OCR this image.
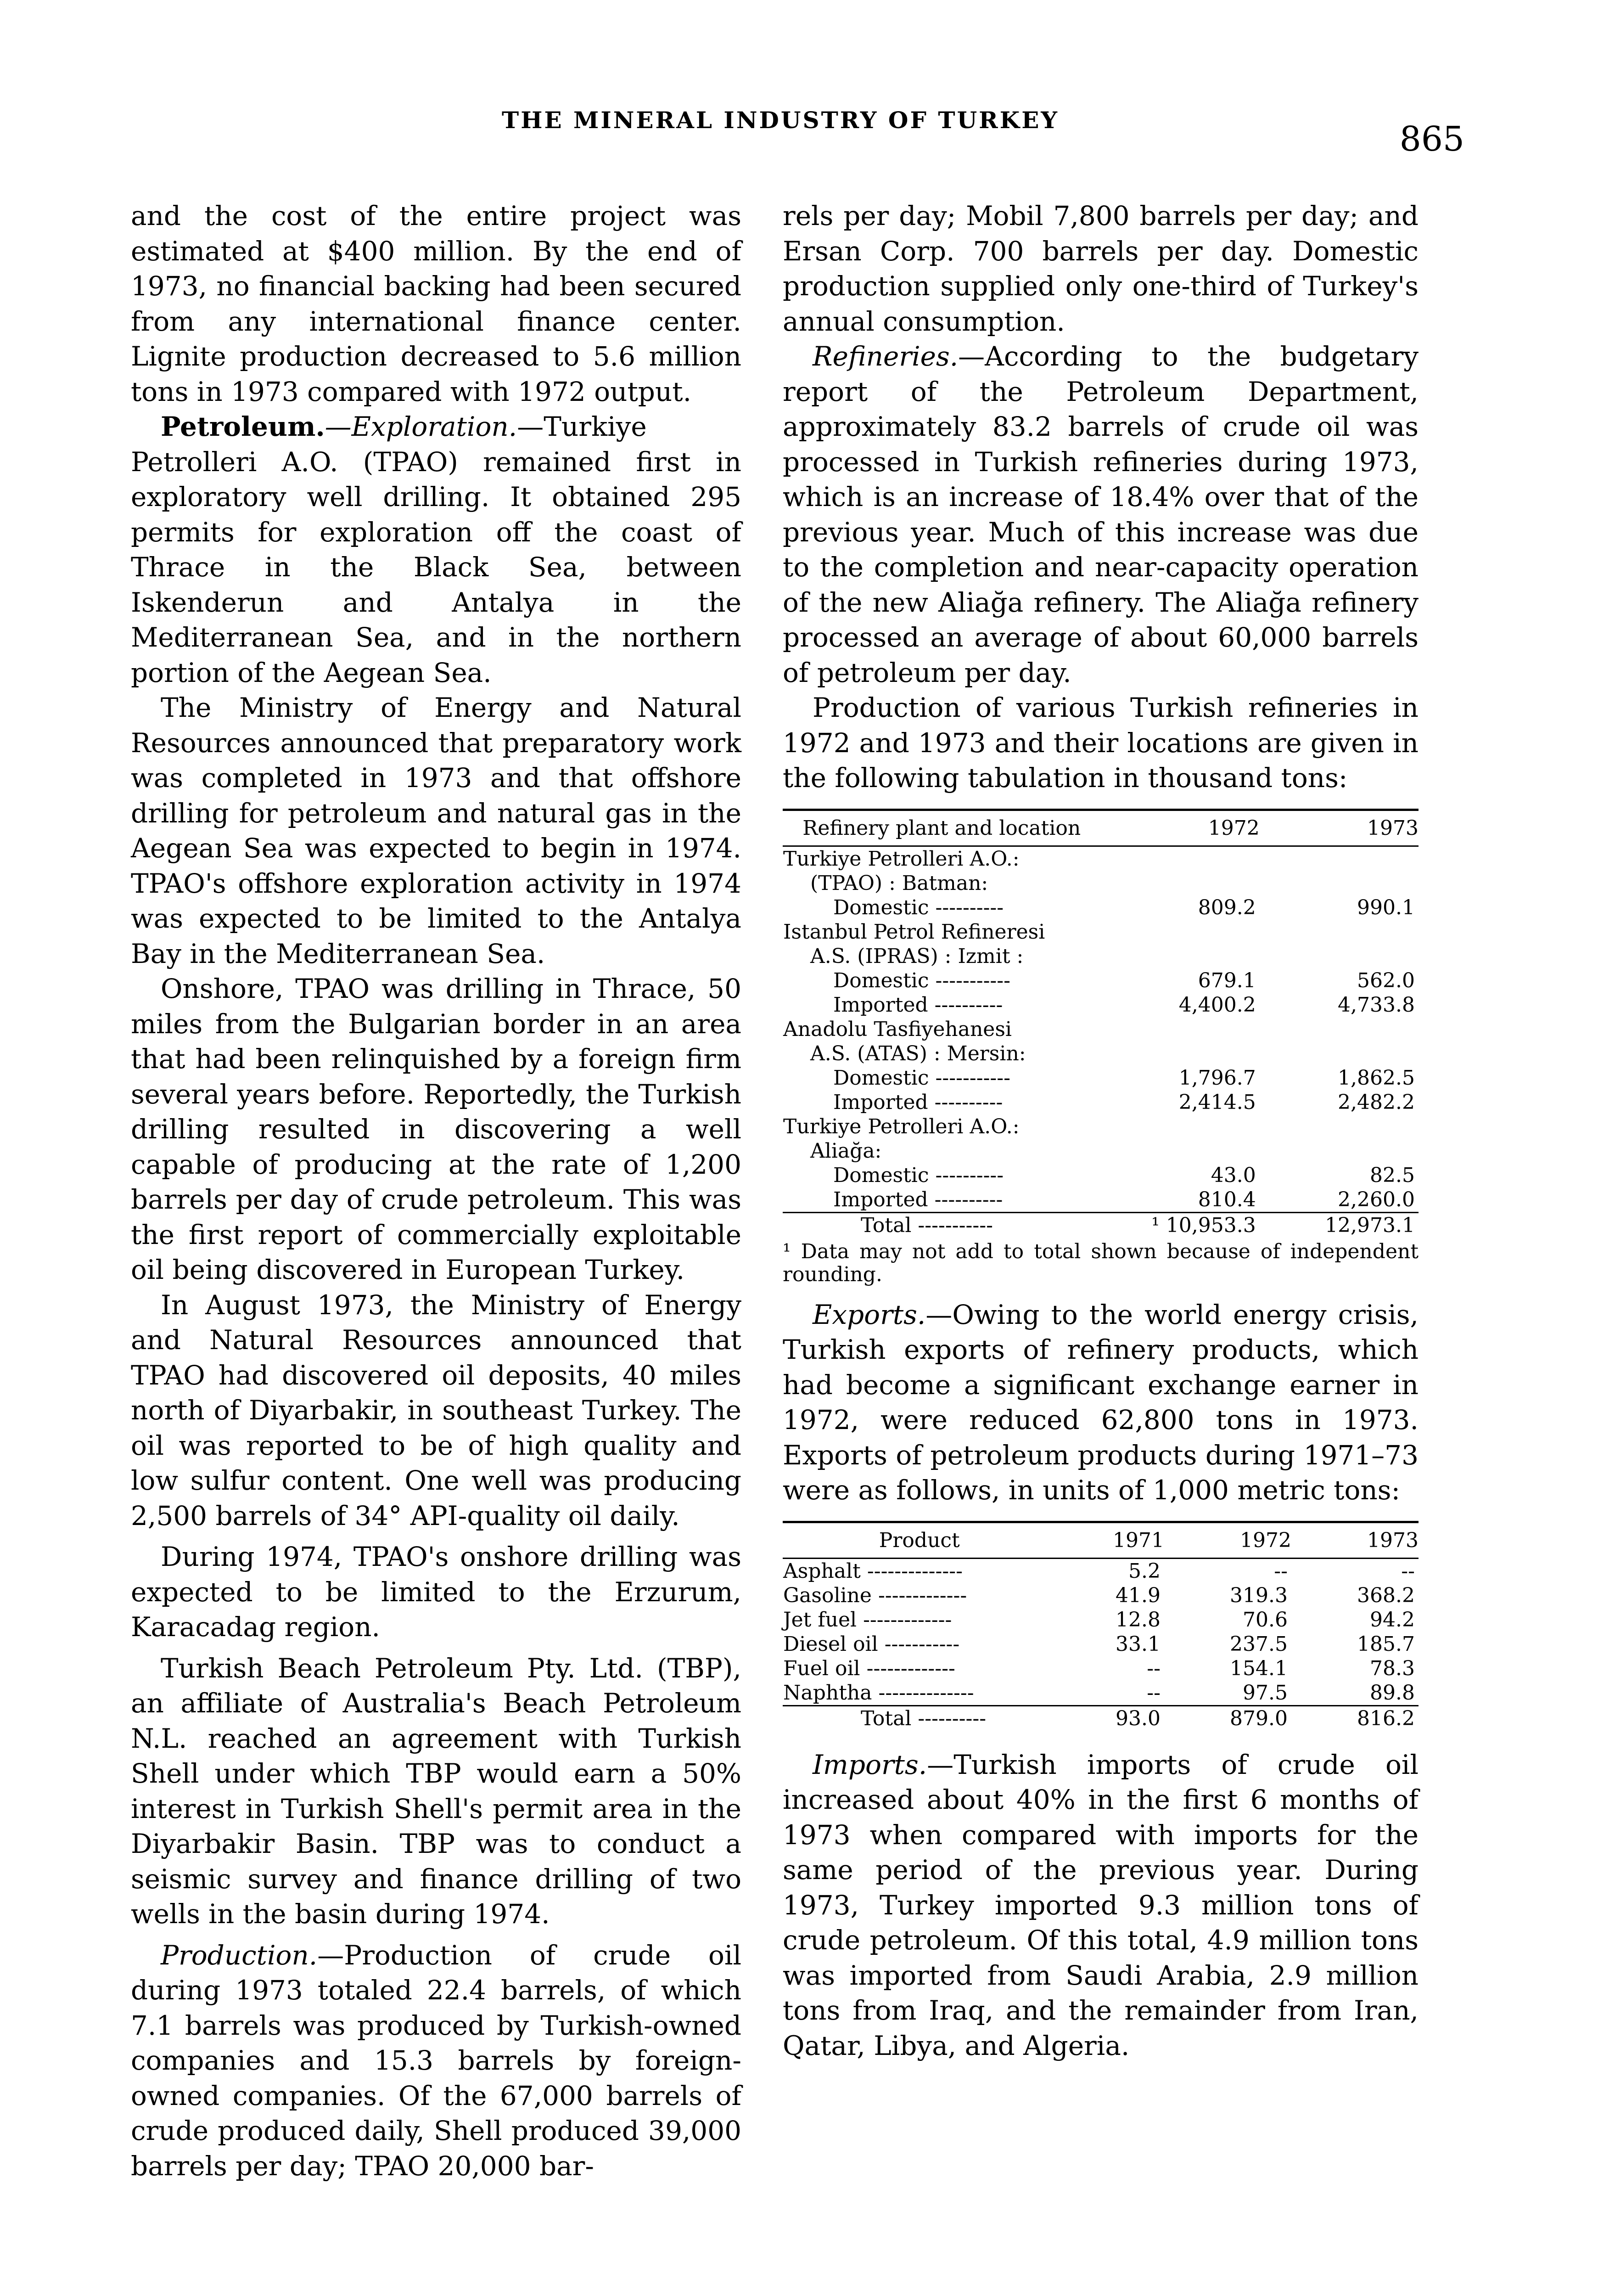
THE MINERAL INDUSTRY OF TURKEY	865

and the cost of the entire project was estimated at $400 million. By the end of 1973, no financial backing had been secured from any international finance center. Lignite production decreased to 5.6 million tons in 1973 compared with 1972 output.

Petroleum.—Exploration.—Turkiye Petrolleri A.O. (TPAO) remained first in exploratory well drilling. It obtained 295 permits for exploration off the coast of Thrace in the Black Sea, between Iskenderun and Antalya in the Mediterranean Sea, and in the northern portion of the Aegean Sea.

The Ministry of Energy and Natural Resources announced that preparatory work was completed in 1973 and that offshore drilling for petroleum and natural gas in the Aegean Sea was expected to begin in 1974. TPAO's offshore exploration activity in 1974 was expected to be limited to the Antalya Bay in the Mediterranean Sea.

Onshore, TPAO was drilling in Thrace, 50 miles from the Bulgarian border in an area that had been relinquished by a foreign firm several years before. Reportedly, the Turkish drilling resulted in discovering a well capable of producing at the rate of 1,200 barrels per day of crude petroleum. This was the first report of commercially exploitable oil being discovered in European Turkey.

In August 1973, the Ministry of Energy and Natural Resources announced that TPAO had discovered oil deposits, 40 miles north of Diyarbakir, in southeast Turkey. The oil was reported to be of high quality and low sulfur content. One well was producing 2,500 barrels of 34° API-quality oil daily.

During 1974, TPAO's onshore drilling was expected to be limited to the Erzurum, Karacadag region.

Turkish Beach Petroleum Pty. Ltd. (TBP), an affiliate of Australia's Beach Petroleum N.L. reached an agreement with Turkish Shell under which TBP would earn a 50% interest in Turkish Shell's permit area in the Diyarbakir Basin. TBP was to conduct a seismic survey and finance drilling of two wells in the basin during 1974.

Production.—Production of crude oil during 1973 totaled 22.4 barrels, of which 7.1 barrels was produced by Turkish-owned companies and 15.3 barrels by foreign-owned companies. Of the 67,000 barrels of crude produced daily, Shell produced 39,000 barrels per day; TPAO 20,000 bar-

rels per day; Mobil 7,800 barrels per day; and Ersan Corp. 700 barrels per day. Domestic production supplied only one-third of Turkey's annual consumption.

Refineries.—According to the budgetary report of the Petroleum Department, approximately 83.2 barrels of crude oil was processed in Turkish refineries during 1973, which is an increase of 18.4% over that of the previous year. Much of this increase was due to the completion and near-capacity operation of the new Aliağa refinery. The Aliağa refinery processed an average of about 60,000 barrels of petroleum per day.

Production of various Turkish refineries in 1972 and 1973 and their locations are given in the following tabulation in thousand tons:

Refinery plant and location	1972	1973
Turkiye Petrolleri A.O.:		
(TPAO) : Batman:		
Domestic ----------	809.2	990.1
Istanbul Petrol Refineresi		
A.S. (IPRAS) : Izmit :		
Domestic -----------	679.1	562.0
Imported ----------	4,400.2	4,733.8
Anadolu Tasfiyehanesi		
A.S. (ATAS) : Mersin:		
Domestic -----------	1,796.7	1,862.5
Imported ----------	2,414.5	2,482.2
Turkiye Petrolleri A.O.:		
Aliağa:		
Domestic ----------	43.0	82.5
Imported ----------	810.4	2,260.0
Total -----------	¹ 10,953.3	12,973.1
¹ Data may not add to total shown because of independent rounding.

Exports.—Owing to the world energy crisis, Turkish exports of refinery products, which had become a significant exchange earner in 1972, were reduced 62,800 tons in 1973. Exports of petroleum products during 1971–73 were as follows, in units of 1,000 metric tons:

Product	1971	1972	1973
Asphalt --------------	5.2	--	--
Gasoline -------------	41.9	319.3	368.2
Jet fuel -------------	12.8	70.6	94.2
Diesel oil -----------	33.1	237.5	185.7
Fuel oil -------------	--	154.1	78.3
Naphtha --------------	--	97.5	89.8
Total ----------	93.0	879.0	816.2

Imports.—Turkish imports of crude oil increased about 40% in the first 6 months of 1973 when compared with imports for the same period of the previous year. During 1973, Turkey imported 9.3 million tons of crude petroleum. Of this total, 4.9 million tons was imported from Saudi Arabia, 2.9 million tons from Iraq, and the remainder from Iran, Qatar, Libya, and Algeria.
